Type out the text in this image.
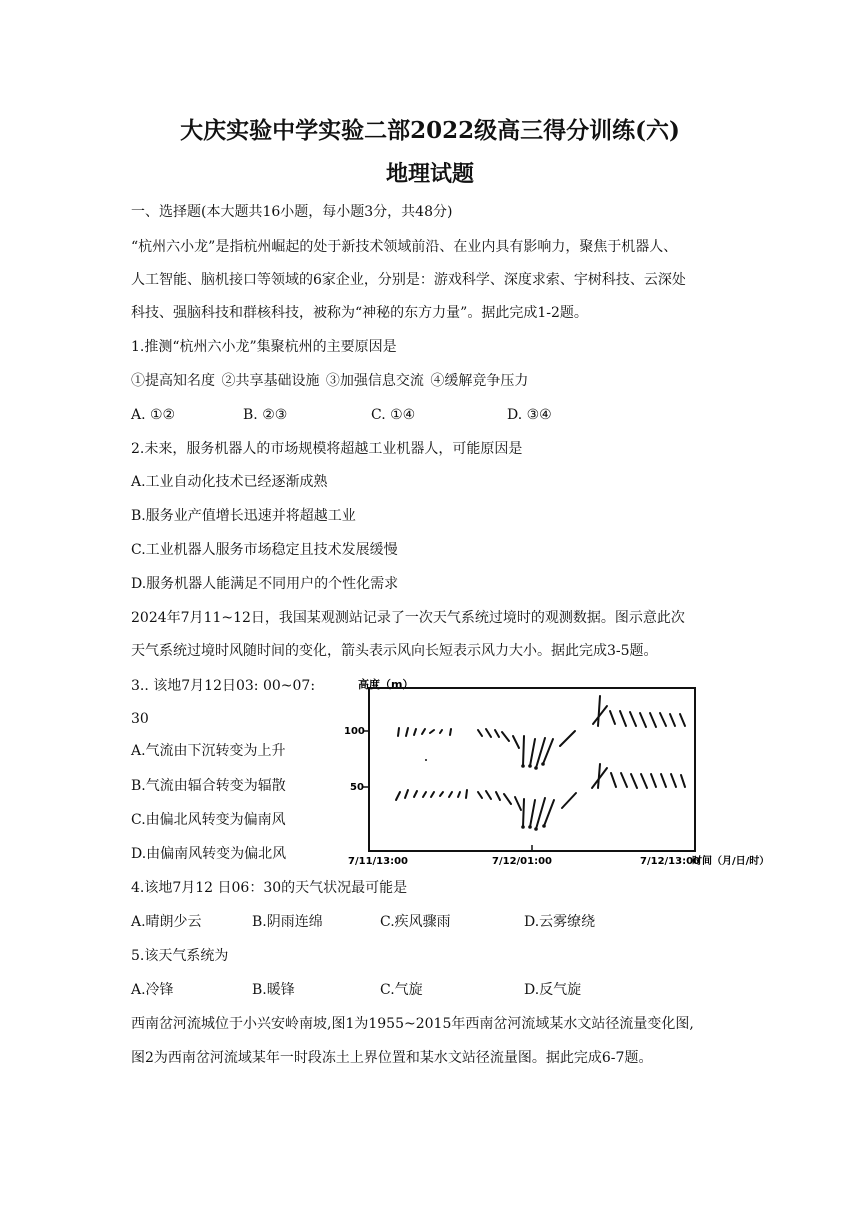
大庆实验中学实验二部2022级高三得分训练(六)
地理试题
一、选择题(本大题共16小题，每小题3分，共48分)
“杭州六小龙”是指杭州崛起的处于新技术领域前沿、在业内具有影响力，聚焦于机器人、
人工智能、脑机接口等领域的6家企业，分别是：游戏科学、深度求索、宇树科技、云深处
科技、强脑科技和群核科技，被称为“神秘的东方力量”。据此完成1-2题。
1.推测“杭州六小龙”集聚杭州的主要原因是
①提高知名度 ②共享基础设施 ③加强信息交流 ④缓解竞争压力
A. ①②	B. ②③	C. ①④	D. ③④
2.未来，服务机器人的市场规模将超越工业机器人，可能原因是
A.工业自动化技术已经逐渐成熟
B.服务业产值增长迅速并将超越工业
C.工业机器人服务市场稳定且技术发展缓慢
D.服务机器人能满足不同用户的个性化需求
2024年7月11~12日，我国某观测站记录了一次天气系统过境时的观测数据。图示意此次
天气系统过境时风随时间的变化，箭头表示风向长短表示风力大小。据此完成3-5题。
3.. 该地7月12日03: 00~07:
30
A.气流由下沉转变为上升
B.气流由辐合转变为辐散
C.由偏北风转变为偏南风
D.由偏南风转变为偏北风
高度（m）
100
50
7/11/13:00	7/12/01:00	7/12/13:00
时间（月/日/时）
4.该地7月12 日06：30的天气状况最可能是
A.晴朗少云	B.阴雨连绵	C.疾风骤雨	D.云雾缭绕
5.该天气系统为
A.冷锋	B.暖锋	C.气旋	D.反气旋
西南岔河流城位于小兴安岭南坡,图1为1955~2015年西南岔河流域某水文站径流量变化图,
图2为西南岔河流域某年一时段冻土上界位置和某水文站径流量图。据此完成6-7题。
